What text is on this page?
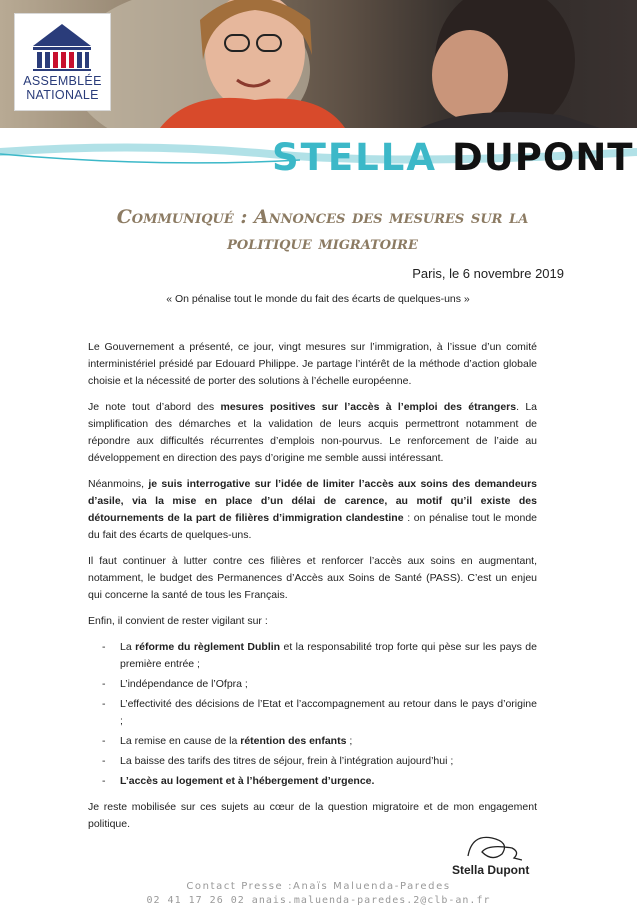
ASSEMBLÉE
NATIONALE
STELLA DUPONT
Communiqué : Annonces des mesures sur la politique migratoire
Paris, le 6 novembre 2019
« On pénalise tout le monde du fait des écarts de quelques-uns »

Le Gouvernement a présenté, ce jour, vingt mesures sur l’immigration, à l’issue d’un comité interministériel présidé par Edouard Philippe. Je partage l’intérêt de la méthode d’action globale choisie et la nécessité de porter des solutions à l’échelle européenne.

Je note tout d’abord des mesures positives sur l’accès à l’emploi des étrangers. La simplification des démarches et la validation de leurs acquis permettront notamment de répondre aux difficultés récurrentes d’emplois non-pourvus. Le renforcement de l’aide au développement en direction des pays d’origine me semble aussi intéressant.

Néanmoins, je suis interrogative sur l’idée de limiter l’accès aux soins des demandeurs d’asile, via la mise en place d’un délai de carence, au motif qu’il existe des détournements de la part de filières d’immigration clandestine : on pénalise tout le monde du fait des écarts de quelques-uns.

Il faut continuer à lutter contre ces filières et renforcer l’accès aux soins en augmentant, notamment, le budget des Permanences d’Accès aux Soins de Santé (PASS). C’est un enjeu qui concerne la santé de tous les Français.

Enfin, il convient de rester vigilant sur :

- La réforme du règlement Dublin et la responsabilité trop forte qui pèse sur les pays de première entrée ;
- L’indépendance de l’Ofpra ;
- L’effectivité des décisions de l’Etat et l’accompagnement au retour dans le pays d’origine ;
- La remise en cause de la rétention des enfants ;
- La baisse des tarifs des titres de séjour, frein à l’intégration aujourd’hui ;
- L’accès au logement et à l’hébergement d’urgence.

Je reste mobilisée sur ces sujets au cœur de la question migratoire et de mon engagement politique.

Stella Dupont
Contact Presse :Anaïs Maluenda-Paredes
02 41 17 26 02 anais.maluenda-paredes.2@clb-an.fr
